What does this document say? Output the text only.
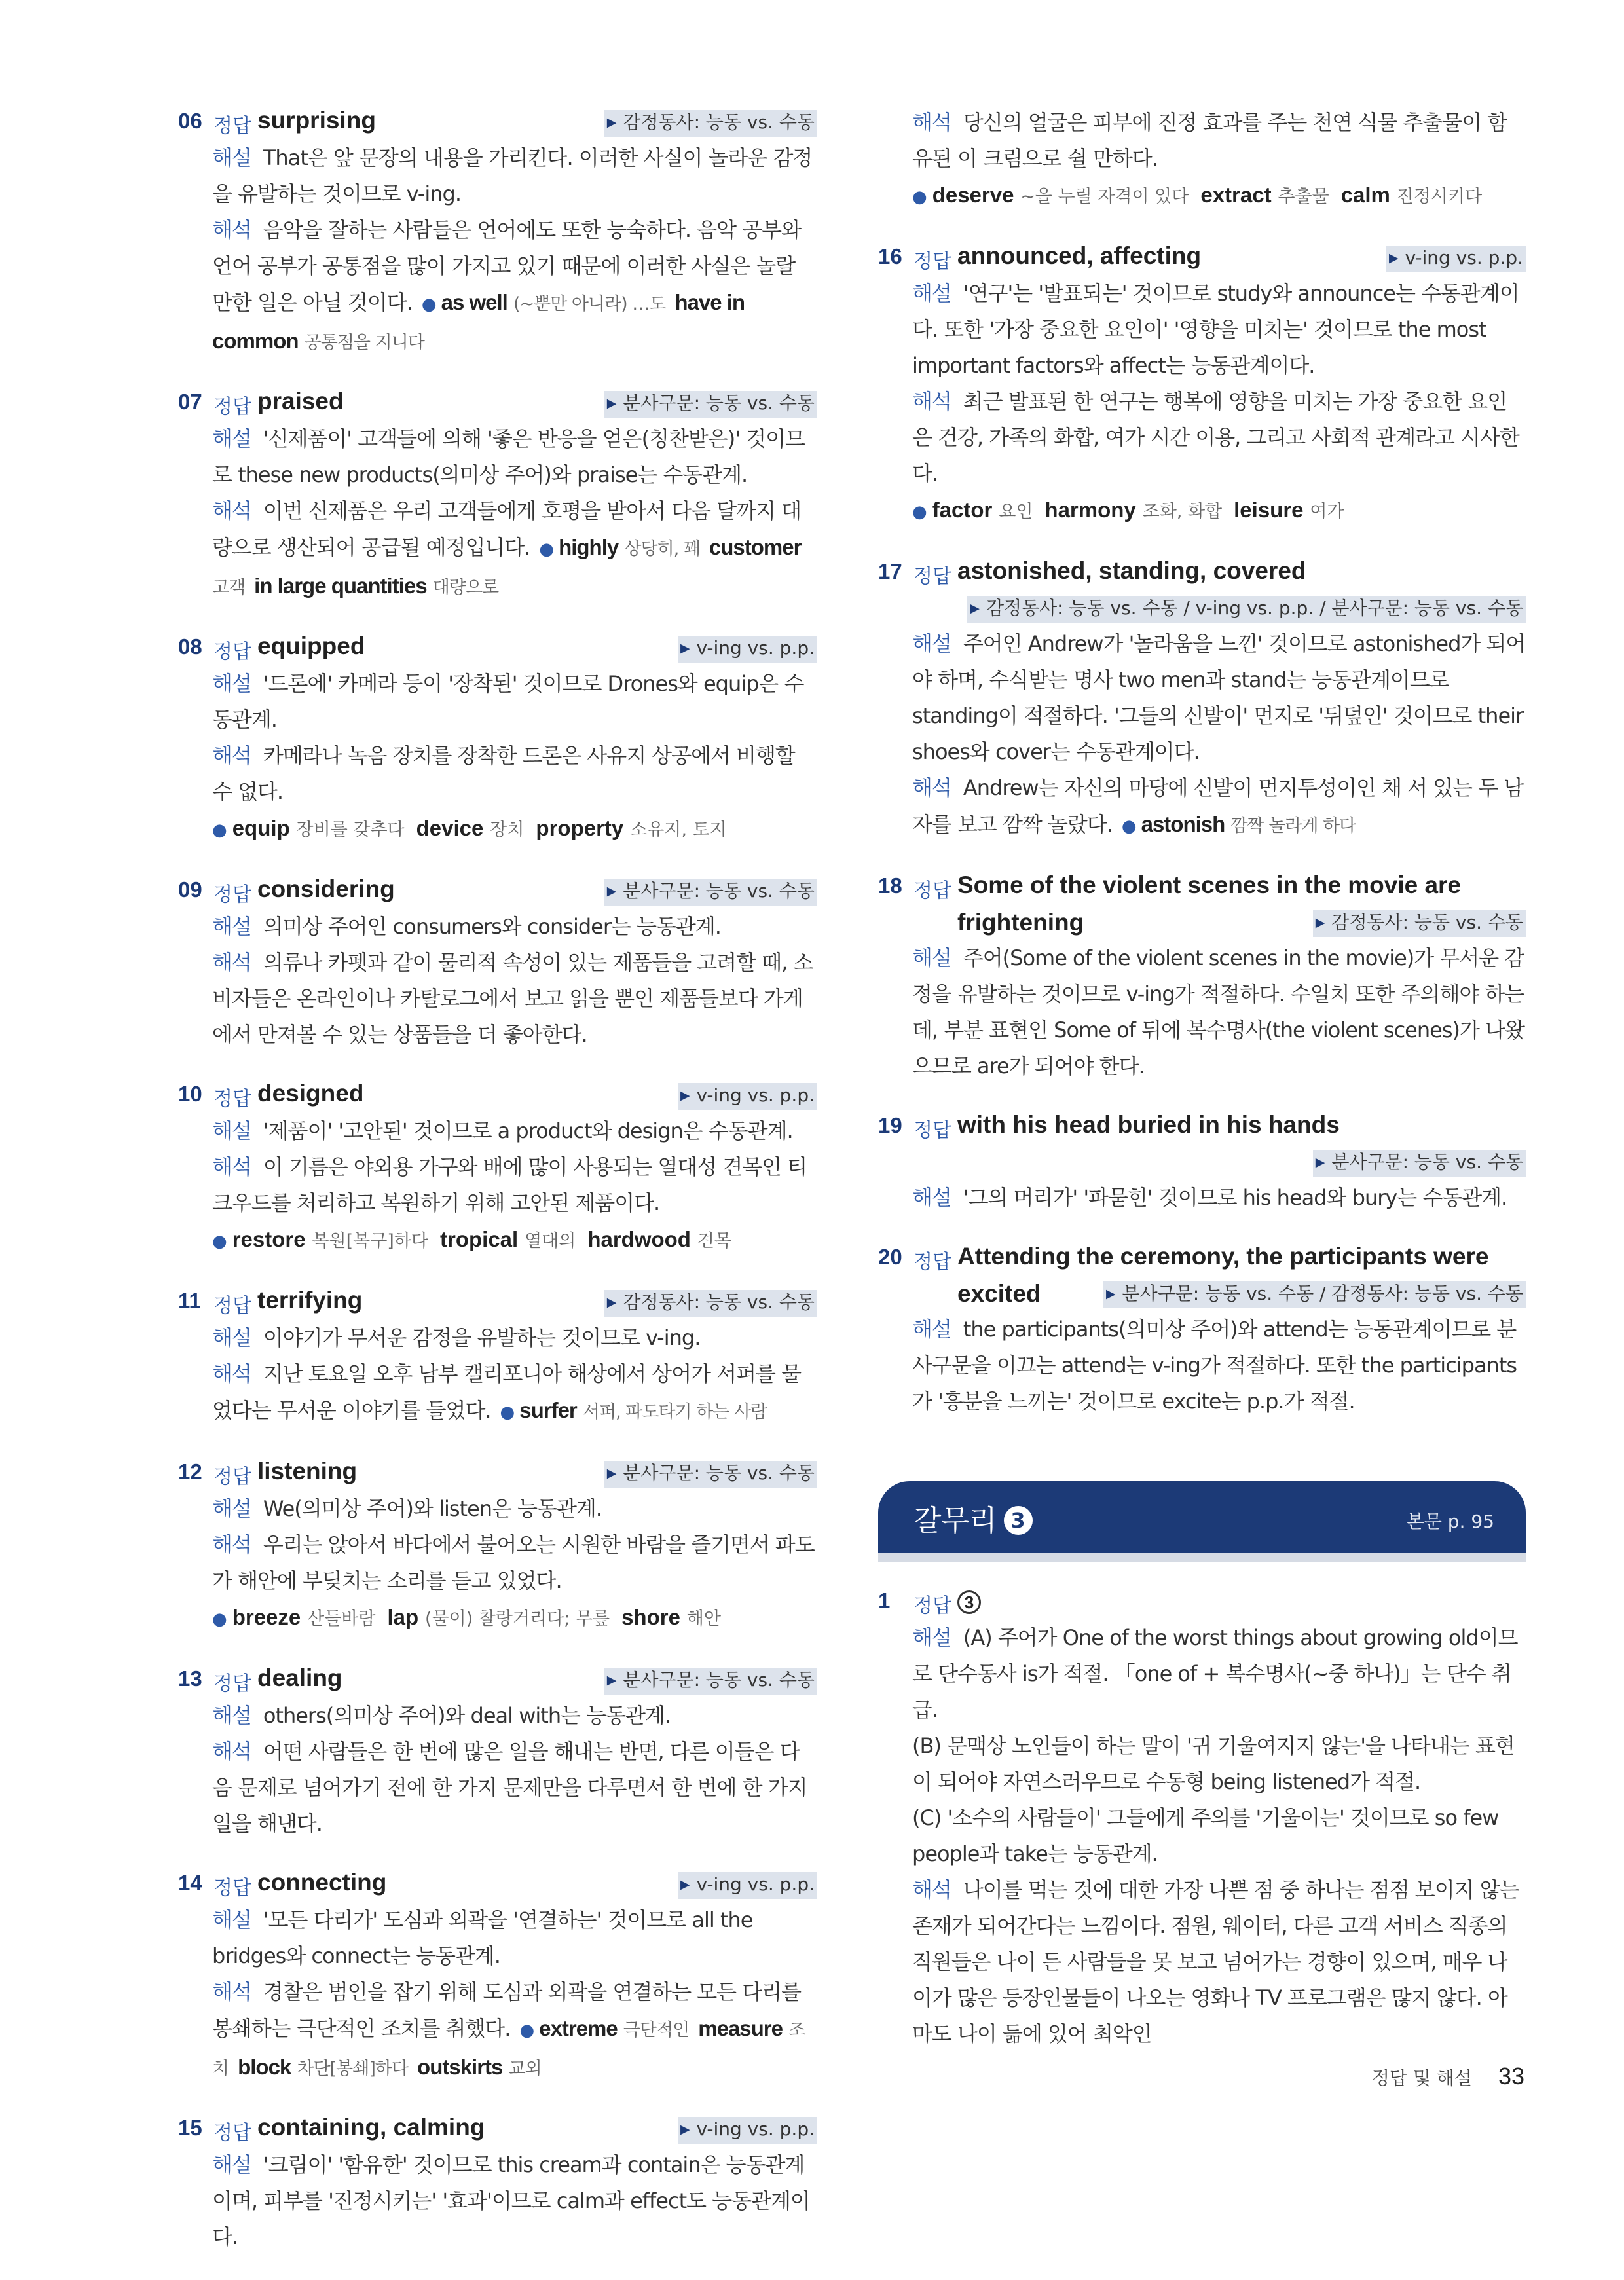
06 정답 surprising	▶ 감정동사: 능동 vs. 수동
해설 That은 앞 문장의 내용을 가리킨다. 이러한 사실이 놀라운 감정을 유발하는 것이므로 v-ing.
해석 음악을 잘하는 사람들은 언어에도 또한 능숙하다. 음악 공부와 언어 공부가 공통점을 많이 가지고 있기 때문에 이러한 사실은 놀랄 만한 일은 아닐 것이다. ● as well (~뿐만 아니라) …도 have in common 공통점을 지니다
07 정답 praised	▶ 분사구문: 능동 vs. 수동
해설 '신제품이' 고객들에 의해 '좋은 반응을 얻은(칭찬받은)' 것이므로 these new products(의미상 주어)와 praise는 수동관계.
해석 이번 신제품은 우리 고객들에게 호평을 받아서 다음 달까지 대량으로 생산되어 공급될 예정입니다. ● highly 상당히, 꽤 customer 고객 in large quantities 대량으로
08 정답 equipped	▶ v-ing vs. p.p.
해설 '드론에' 카메라 등이 '장착된' 것이므로 Drones와 equip은 수동관계.
해석 카메라나 녹음 장치를 장착한 드론은 사유지 상공에서 비행할 수 없다.
● equip 장비를 갖추다 device 장치 property 소유지, 토지
09 정답 considering	▶ 분사구문: 능동 vs. 수동
해설 의미상 주어인 consumers와 consider는 능동관계.
해석 의류나 카펫과 같이 물리적 속성이 있는 제품들을 고려할 때, 소비자들은 온라인이나 카탈로그에서 보고 읽을 뿐인 제품들보다 가게에서 만져볼 수 있는 상품들을 더 좋아한다.
10 정답 designed	▶ v-ing vs. p.p.
해설 '제품이' '고안된' 것이므로 a product와 design은 수동관계.
해석 이 기름은 야외용 가구와 배에 많이 사용되는 열대성 견목인 티크우드를 처리하고 복원하기 위해 고안된 제품이다.
● restore 복원[복구]하다 tropical 열대의 hardwood 견목
11 정답 terrifying	▶ 감정동사: 능동 vs. 수동
해설 이야기가 무서운 감정을 유발하는 것이므로 v-ing.
해석 지난 토요일 오후 남부 캘리포니아 해상에서 상어가 서퍼를 물었다는 무서운 이야기를 들었다. ● surfer 서퍼, 파도타기 하는 사람
12 정답 listening	▶ 분사구문: 능동 vs. 수동
해설 We(의미상 주어)와 listen은 능동관계.
해석 우리는 앉아서 바다에서 불어오는 시원한 바람을 즐기면서 파도가 해안에 부딪치는 소리를 듣고 있었다.
● breeze 산들바람 lap (물이) 찰랑거리다; 무릎 shore 해안
13 정답 dealing	▶ 분사구문: 능동 vs. 수동
해설 others(의미상 주어)와 deal with는 능동관계.
해석 어떤 사람들은 한 번에 많은 일을 해내는 반면, 다른 이들은 다음 문제로 넘어가기 전에 한 가지 문제만을 다루면서 한 번에 한 가지 일을 해낸다.
14 정답 connecting	▶ v-ing vs. p.p.
해설 '모든 다리가' 도심과 외곽을 '연결하는' 것이므로 all the bridges와 connect는 능동관계.
해석 경찰은 범인을 잡기 위해 도심과 외곽을 연결하는 모든 다리를 봉쇄하는 극단적인 조치를 취했다. ● extreme 극단적인 measure 조치 block 차단[봉쇄]하다 outskirts 교외
15 정답 containing, calming	▶ v-ing vs. p.p.
해설 '크림이' '함유한' 것이므로 this cream과 contain은 능동관계이며, 피부를 '진정시키는' '효과'이므로 calm과 effect도 능동관계이다.
해석 당신의 얼굴은 피부에 진정 효과를 주는 천연 식물 추출물이 함유된 이 크림으로 쉴 만하다.
● deserve ~을 누릴 자격이 있다 extract 추출물 calm 진정시키다
16 정답 announced, affecting	▶ v-ing vs. p.p.
해설 '연구'는 '발표되는' 것이므로 study와 announce는 수동관계이다. 또한 '가장 중요한 요인이' '영향을 미치는' 것이므로 the most important factors와 affect는 능동관계이다.
해석 최근 발표된 한 연구는 행복에 영향을 미치는 가장 중요한 요인은 건강, 가족의 화합, 여가 시간 이용, 그리고 사회적 관계라고 시사한다.
● factor 요인 harmony 조화, 화합 leisure 여가
17 정답 astonished, standing, covered
▶ 감정동사: 능동 vs. 수동 / v-ing vs. p.p. / 분사구문: 능동 vs. 수동
해설 주어인 Andrew가 '놀라움을 느낀' 것이므로 astonished가 되어야 하며, 수식받는 명사 two men과 stand는 능동관계이므로 standing이 적절하다. '그들의 신발이' 먼지로 '뒤덮인' 것이므로 their shoes와 cover는 수동관계이다.
해석 Andrew는 자신의 마당에 신발이 먼지투성이인 채 서 있는 두 남자를 보고 깜짝 놀랐다. ● astonish 깜짝 놀라게 하다
18 정답 Some of the violent scenes in the movie are
frightening	▶ 감정동사: 능동 vs. 수동
해설 주어(Some of the violent scenes in the movie)가 무서운 감정을 유발하는 것이므로 v-ing가 적절하다. 수일치 또한 주의해야 하는데, 부분 표현인 Some of 뒤에 복수명사(the violent scenes)가 나왔으므로 are가 되어야 한다.
19 정답 with his head buried in his hands
▶ 분사구문: 능동 vs. 수동
해설 '그의 머리가' '파묻힌' 것이므로 his head와 bury는 수동관계.
20 정답 Attending the ceremony, the participants were
excited	▶ 분사구문: 능동 vs. 수동 / 감정동사: 능동 vs. 수동
해설 the participants(의미상 주어)와 attend는 능동관계이므로 분사구문을 이끄는 attend는 v-ing가 적절하다. 또한 the participants가 '흥분을 느끼는' 것이므로 excite는 p.p.가 적절.
갈무리 3	본문 p. 95
1 정답 3
해설 (A) 주어가 One of the worst things about growing old이므로 단수동사 is가 적절. 「one of + 복수명사(~중 하나)」는 단수 취급.
(B) 문맥상 노인들이 하는 말이 '귀 기울여지지 않는'을 나타내는 표현이 되어야 자연스러우므로 수동형 being listened가 적절.
(C) '소수의 사람들이' 그들에게 주의를 '기울이는' 것이므로 so few people과 take는 능동관계.
해석 나이를 먹는 것에 대한 가장 나쁜 점 중 하나는 점점 보이지 않는 존재가 되어간다는 느낌이다. 점원, 웨이터, 다른 고객 서비스 직종의 직원들은 나이 든 사람들을 못 보고 넘어가는 경향이 있으며, 매우 나이가 많은 등장인물들이 나오는 영화나 TV 프로그램은 많지 않다. 아마도 나이 듦에 있어 최악인
정답 및 해설 33
